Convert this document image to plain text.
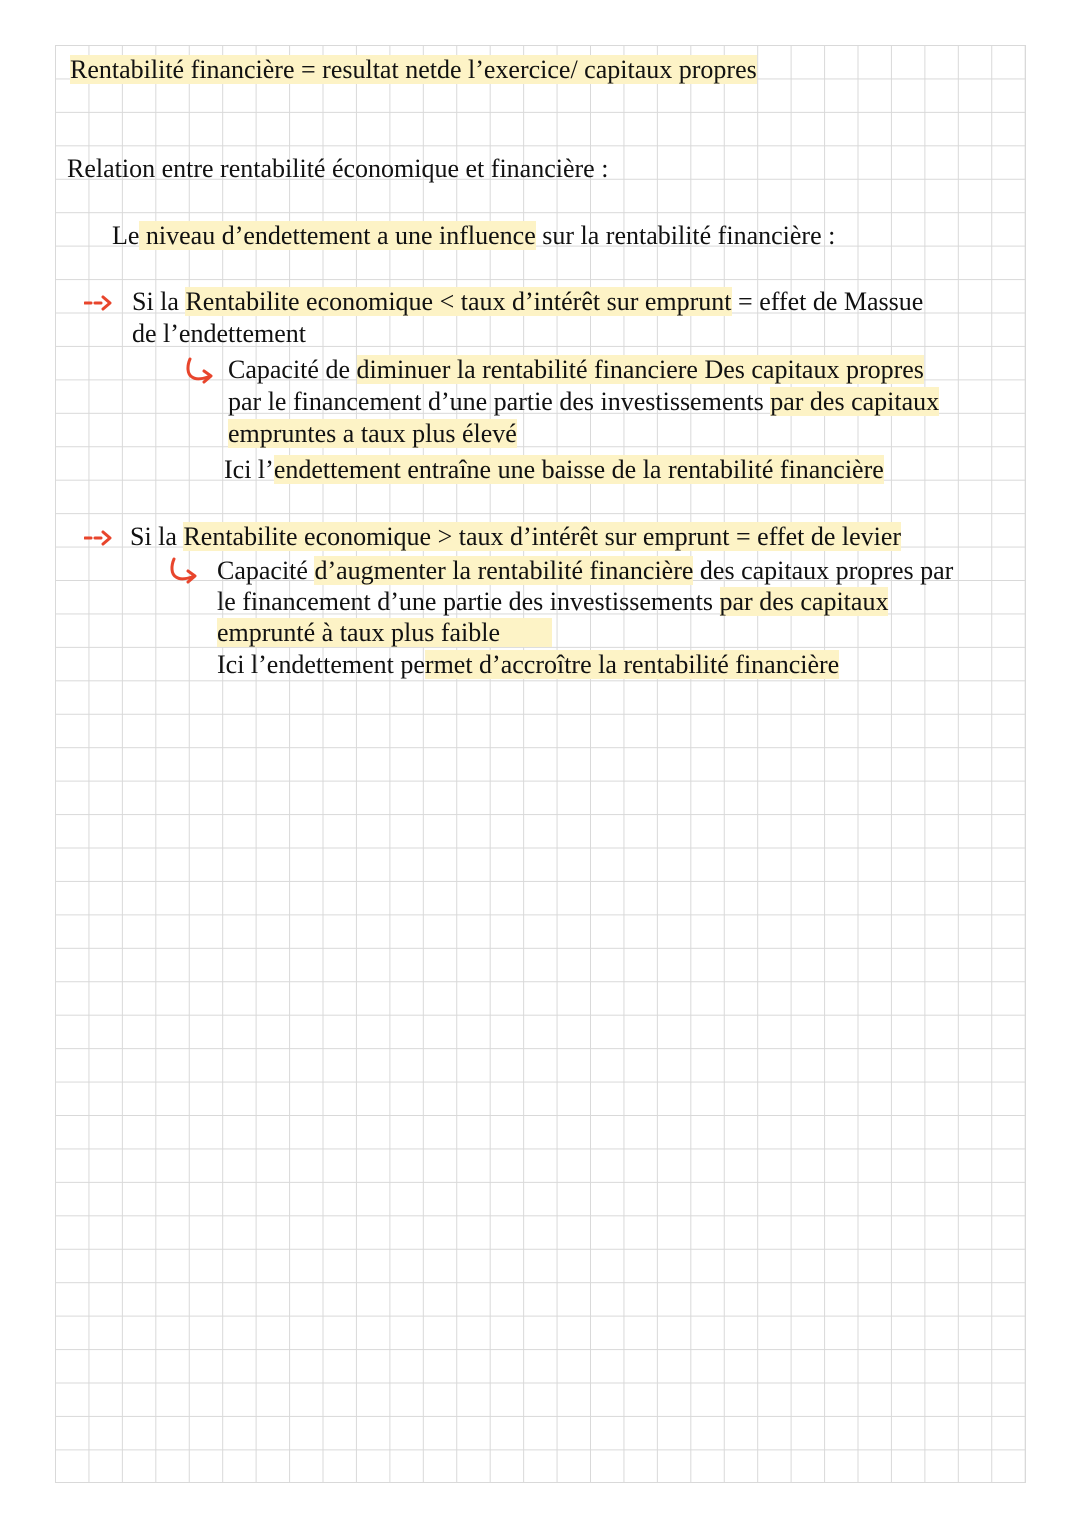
Rentabilité financière = resultat netde l’exercice/ capitaux propres

Relation entre rentabilité économique et financière :

Le niveau d’endettement a une influence sur la rentabilité financière :

Si la Rentabilite economique < taux d’intérêt sur emprunt = effet de Massue

de l’endettement

Capacité de diminuer la rentabilité financiere Des capitaux propres

par le financement d’une partie des investissements par des capitaux

empruntes a taux plus élevé

Ici l’endettement entraîne une baisse de la rentabilité financière

Si la Rentabilite economique > taux d’intérêt sur emprunt = effet de levier

Capacité d’augmenter la rentabilité financière des capitaux propres par

le financement d’une partie des investissements par des capitaux

emprunté à taux plus faible

Ici l’endettement permet d’accroître la rentabilité financière
